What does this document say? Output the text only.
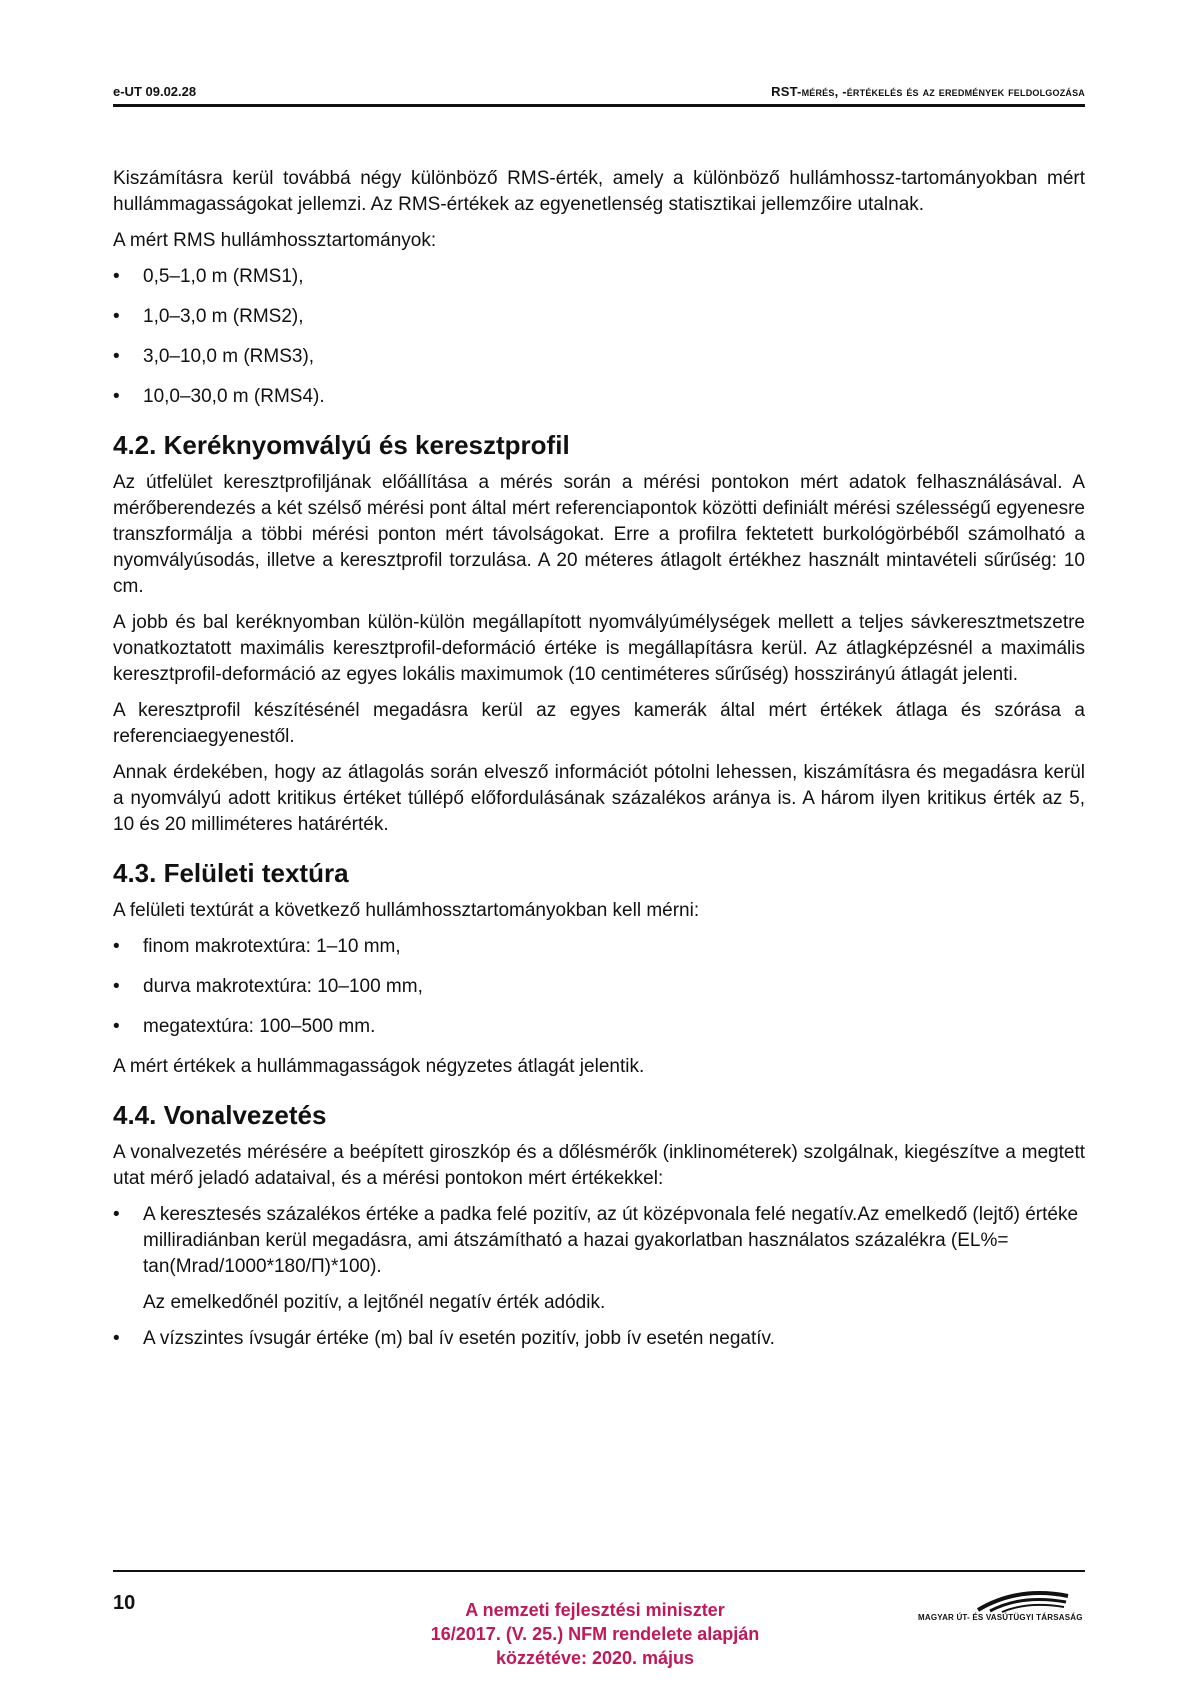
e-UT 09.02.28	RST-mérés, -értékelés és az eredmények feldolgozása

Kiszámításra kerül továbbá négy különböző RMS-érték, amely a különböző hullámhossz-tartományokban mért hullámmagasságokat jellemzi. Az RMS-értékek az egyenetlenség statisztikai jellemzőire utalnak.

A mért RMS hullámhossztartományok:

•	0,5–1,0 m (RMS1),
•	1,0–3,0 m (RMS2),
•	3,0–10,0 m (RMS3),
•	10,0–30,0 m (RMS4).
4.2. Keréknyomvályú és keresztprofil

Az útfelület keresztprofiljának előállítása a mérés során a mérési pontokon mért adatok felhasználásával. A mérőberendezés a két szélső mérési pont által mért referenciapontok közötti definiált mérési szélességű egyenesre transzformálja a többi mérési ponton mért távolságokat. Erre a profilra fektetett burkológörbéből számolható a nyomvályúsodás, illetve a keresztprofil torzulása. A 20 méteres átlagolt értékhez használt mintavételi sűrűség: 10 cm.

A jobb és bal keréknyomban külön-külön megállapított nyomvályúmélységek mellett a teljes sávkeresztmetszetre vonatkoztatott maximális keresztprofil-deformáció értéke is megállapításra kerül. Az átlagképzésnél a maximális keresztprofil-deformáció az egyes lokális maximumok (10 centiméteres sűrűség) hosszirányú átlagát jelenti.

A keresztprofil készítésénél megadásra kerül az egyes kamerák által mért értékek átlaga és szórása a referenciaegyenestől.

Annak érdekében, hogy az átlagolás során elvesző információt pótolni lehessen, kiszámításra és megadásra kerül a nyomvályú adott kritikus értéket túllépő előfordulásának százalékos aránya is. A három ilyen kritikus érték az 5, 10 és 20 milliméteres határérték.

4.3. Felületi textúra

A felületi textúrát a következő hullámhossztartományokban kell mérni:

•	finom makrotextúra: 1–10 mm,
•	durva makrotextúra: 10–100 mm,
•	megatextúra: 100–500 mm.

A mért értékek a hullámmagasságok négyzetes átlagát jelentik.

4.4. Vonalvezetés

A vonalvezetés mérésére a beépített giroszkóp és a dőlésmérők (inklinométerek) szolgálnak, kiegészítve a megtett utat mérő jeladó adataival, és a mérési pontokon mért értékekkel:

•	A keresztesés százalékos értéke a padka felé pozitív, az út középvonala felé negatív.Az emelkedő (lejtő) értéke milliradiánban kerül megadásra, ami átszámítható a hazai gyakorlatban használatos százalékra (EL%= tan(Mrad/1000*180/Π)*100).
Az emelkedőnél pozitív, a lejtőnél negatív érték adódik.
•	A vízszintes ívsugár értéke (m) bal ív esetén pozitív, jobb ív esetén negatív.
10	A nemzeti fejlesztési miniszter
16/2017. (V. 25.) NFM rendelete alapján
közzétéve: 2020. május
MAGYAR ÚT- ÉS VASÚTÜGYI TÁRSASÁG
